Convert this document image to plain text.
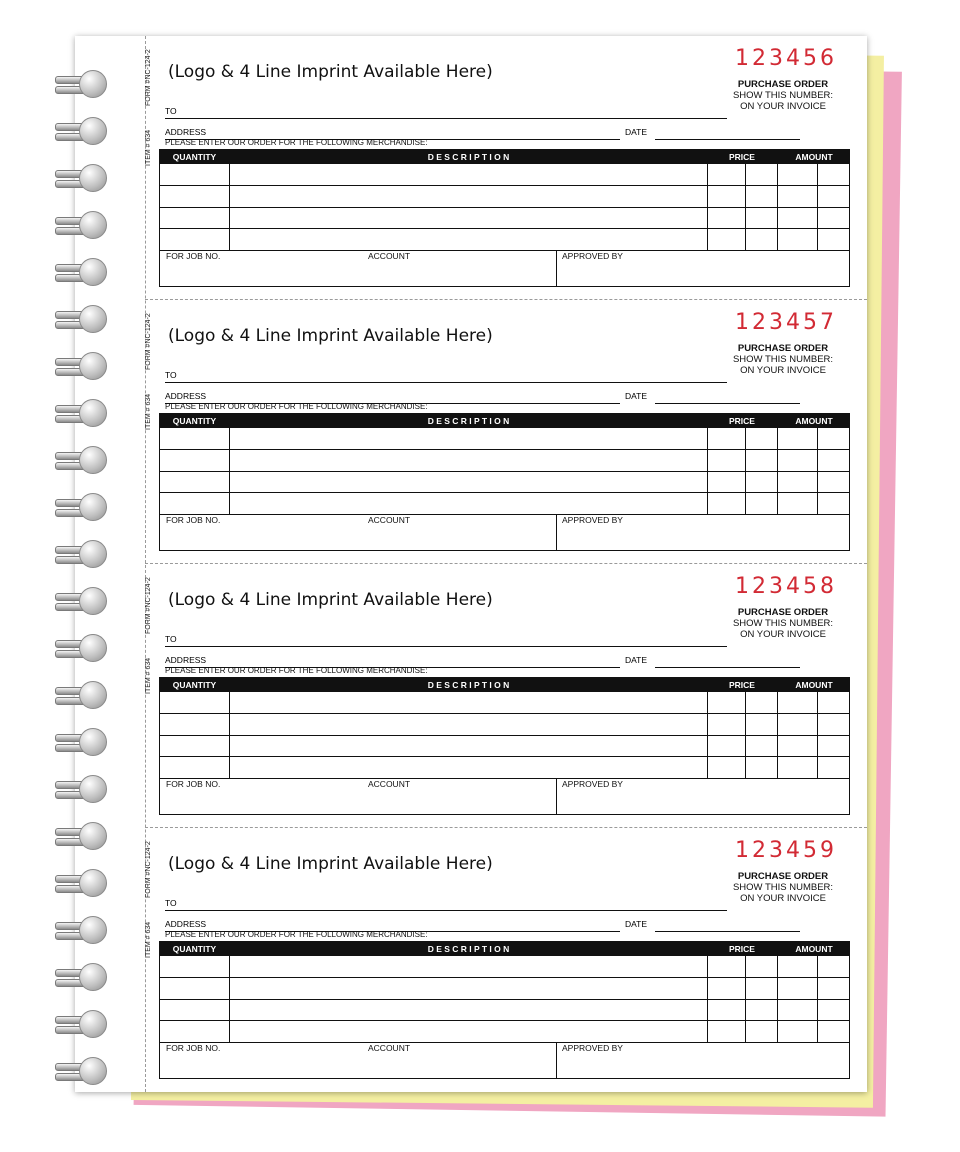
(Logo & 4 Line Imprint Available Here)
123456
PURCHASE ORDER
SHOW THIS NUMBER:
ON YOUR INVOICE
TO
ADDRESS	DATE
PLEASE ENTER OUR ORDER FOR THE FOLLOWING MERCHANDISE:
FORM #NC-124-2
ITEM # 634	QUANTITY	D E S C R I P T I O N	PRICE	AMOUNT
FOR JOB NO.	ACCOUNT	APPROVED BY
(Logo & 4 Line Imprint Available Here)
123457
PURCHASE ORDER
SHOW THIS NUMBER:
ON YOUR INVOICE
TO
ADDRESS	DATE
PLEASE ENTER OUR ORDER FOR THE FOLLOWING MERCHANDISE:
FORM #NC-124-2
ITEM # 634	QUANTITY	D E S C R I P T I O N	PRICE	AMOUNT
FOR JOB NO.	ACCOUNT	APPROVED BY
(Logo & 4 Line Imprint Available Here)
123458
PURCHASE ORDER
SHOW THIS NUMBER:
ON YOUR INVOICE
TO
ADDRESS	DATE
PLEASE ENTER OUR ORDER FOR THE FOLLOWING MERCHANDISE:
FORM #NC-124-2
ITEM # 634	QUANTITY	D E S C R I P T I O N	PRICE	AMOUNT
FOR JOB NO.	ACCOUNT	APPROVED BY
(Logo & 4 Line Imprint Available Here)
123459
PURCHASE ORDER
SHOW THIS NUMBER:
ON YOUR INVOICE
TO
ADDRESS	DATE
PLEASE ENTER OUR ORDER FOR THE FOLLOWING MERCHANDISE:
FORM #NC-124-2
ITEM # 634	QUANTITY	D E S C R I P T I O N	PRICE	AMOUNT
FOR JOB NO.	ACCOUNT	APPROVED BY
